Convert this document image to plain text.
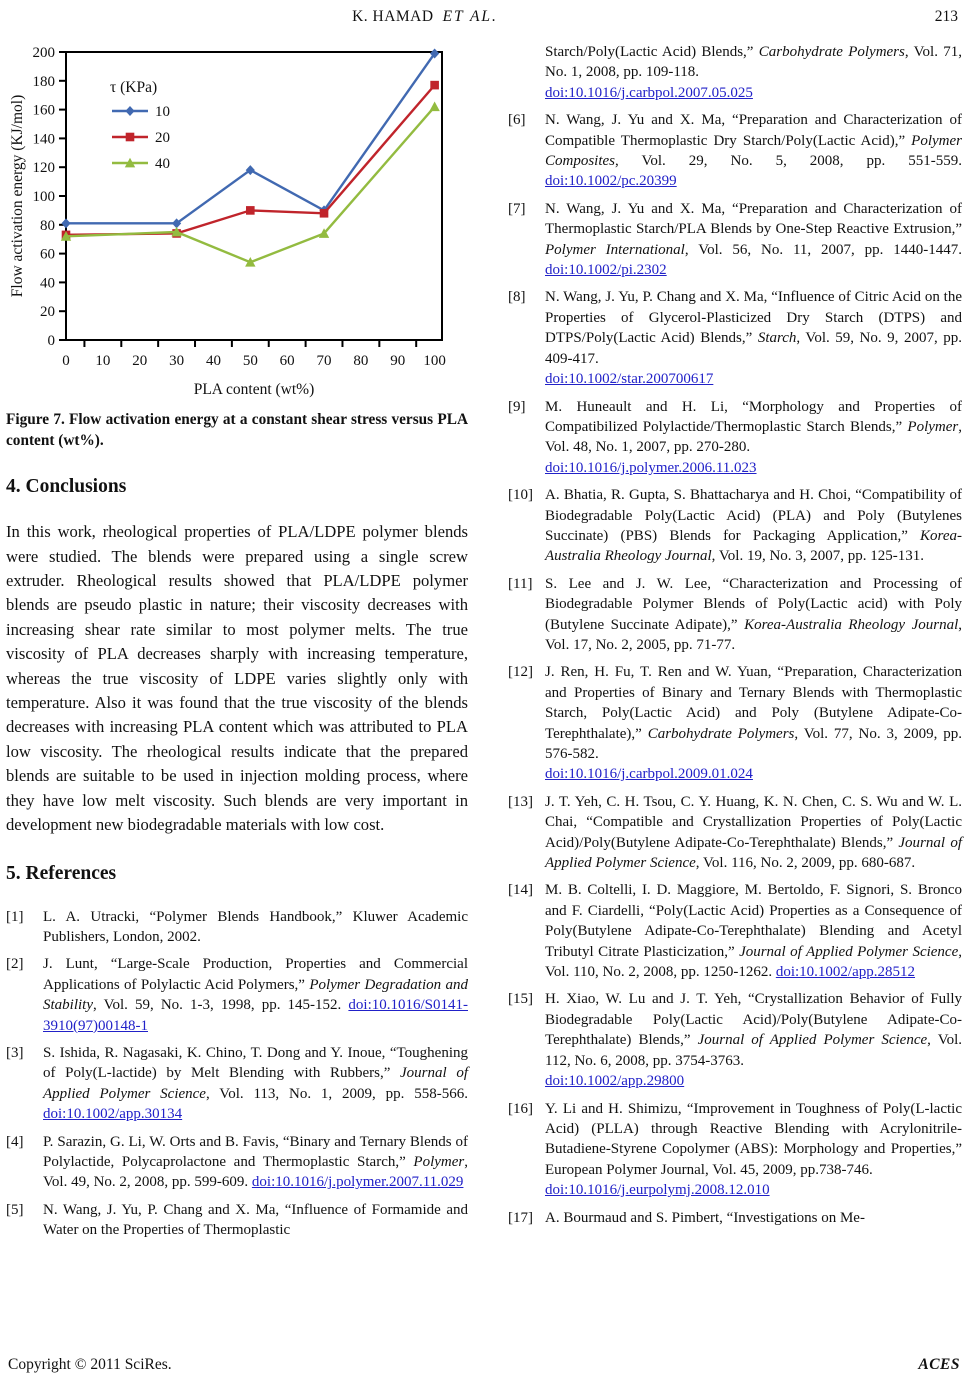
K. HAMAD ET AL.	213
0
20
40
60
80
100
120
140
160
180
200
0 10 20 30 40 50 60 70 80 90 100
PLA content (wt%)
Flow activation energy (KJ/mol)
τ (KPa)
10
20
40
Figure 7. Flow activation energy at a constant shear stress versus PLA content (wt%).
4. Conclusions

In this work, rheological properties of PLA/LDPE polymer blends were studied. The blends were prepared using a single screw extruder. Rheological results showed that PLA/LDPE polymer blends are pseudo plastic in nature; their viscosity decreases with increasing shear rate similar to most polymer melts. The true viscosity of PLA decreases sharply with increasing temperature, whereas the true viscosity of LDPE varies slightly only with temperature. Also it was found that the true viscosity of the blends decreases with increasing PLA content which was attributed to PLA low viscosity. The rheological results indicate that the prepared blends are suitable to be used in injection molding process, where they have low melt viscosity. Such blends are very important in development new biodegradable materials with low cost.

5. References
[1]	L. A. Utracki, “Polymer Blends Handbook,” Kluwer Academic Publishers, London, 2002.
[2]	J. Lunt, “Large-Scale Production, Properties and Commercial Applications of Polylactic Acid Polymers,” Polymer Degradation and Stability, Vol. 59, No. 1-3, 1998, pp. 145-152. doi:10.1016/S0141-3910(97)00148-1
[3]	S. Ishida, R. Nagasaki, K. Chino, T. Dong and Y. Inoue, “Toughening of Poly(L-lactide) by Melt Blending with Rubbers,” Journal of Applied Polymer Science, Vol. 113, No. 1, 2009, pp. 558-566. doi:10.1002/app.30134
[4]	P. Sarazin, G. Li, W. Orts and B. Favis, “Binary and Ternary Blends of Polylactide, Polycaprolactone and Thermoplastic Starch,” Polymer, Vol. 49, No. 2, 2008, pp. 599-609. doi:10.1016/j.polymer.2007.11.029
[5]	N. Wang, J. Yu, P. Chang and X. Ma, “Influence of Formamide and Water on the Properties of Thermoplastic
Starch/Poly(Lactic Acid) Blends,” Carbohydrate Polymers, Vol. 71, No. 1, 2008, pp. 109-118.
doi:10.1016/j.carbpol.2007.05.025
[6]	N. Wang, J. Yu and X. Ma, “Preparation and Characterization of Compatible Thermoplastic Dry Starch/Poly(Lactic Acid),” Polymer Composites, Vol. 29, No. 5, 2008, pp. 551-559. doi:10.1002/pc.20399
[7]	N. Wang, J. Yu and X. Ma, “Preparation and Characterization of Thermoplastic Starch/PLA Blends by One-Step Reactive Extrusion,” Polymer International, Vol. 56, No. 11, 2007, pp. 1440-1447. doi:10.1002/pi.2302
[8]	N. Wang, J. Yu, P. Chang and X. Ma, “Influence of Citric Acid on the Properties of Glycerol-Plasticized Dry Starch (DTPS) and DTPS/Poly(Lactic Acid) Blends,” Starch, Vol. 59, No. 9, 2007, pp. 409-417.
doi:10.1002/star.200700617
[9]	M. Huneault and H. Li, “Morphology and Properties of Compatibilized Polylactide/Thermoplastic Starch Blends,” Polymer, Vol. 48, No. 1, 2007, pp. 270-280.
doi:10.1016/j.polymer.2006.11.023
[10] A. Bhatia, R. Gupta, S. Bhattacharya and H. Choi, “Compatibility of Biodegradable Poly(Lactic Acid) (PLA) and Poly (Butylenes Succinate) (PBS) Blends for Packaging Application,” Korea-Australia Rheology Journal, Vol. 19, No. 3, 2007, pp. 125-131.
[11] S. Lee and J. W. Lee, “Characterization and Processing of Biodegradable Polymer Blends of Poly(Lactic acid) with Poly (Butylene Succinate Adipate),” Korea-Australia Rheology Journal, Vol. 17, No. 2, 2005, pp. 71-77.
[12] J. Ren, H. Fu, T. Ren and W. Yuan, “Preparation, Characterization and Properties of Binary and Ternary Blends with Thermoplastic Starch, Poly(Lactic Acid) and Poly (Butylene Adipate-Co-Terephthalate),” Carbohydrate Polymers, Vol. 77, No. 3, 2009, pp. 576-582.
doi:10.1016/j.carbpol.2009.01.024
[13] J. T. Yeh, C. H. Tsou, C. Y. Huang, K. N. Chen, C. S. Wu and W. L. Chai, “Compatible and Crystallization Properties of Poly(Lactic Acid)/Poly(Butylene Adipate-Co-Terephthalate) Blends,” Journal of Applied Polymer Science, Vol. 116, No. 2, 2009, pp. 680-687.
[14] M. B. Coltelli, I. D. Maggiore, M. Bertoldo, F. Signori, S. Bronco and F. Ciardelli, “Poly(Lactic Acid) Properties as a Consequence of Poly(Butylene Adipate-Co-Terephthalate) Blending and Acetyl Tributyl Citrate Plasticization,” Journal of Applied Polymer Science, Vol. 110, No. 2, 2008, pp. 1250-1262. doi:10.1002/app.28512
[15] H. Xiao, W. Lu and J. T. Yeh, “Crystallization Behavior of Fully Biodegradable Poly(Lactic Acid)/Poly(Butylene Adipate-Co-Terephthalate) Blends,” Journal of Applied Polymer Science, Vol. 112, No. 6, 2008, pp. 3754-3763.
doi:10.1002/app.29800
[16] Y. Li and H. Shimizu, “Improvement in Toughness of Poly(L-lactic Acid) (PLLA) through Reactive Blending with Acrylonitrile-Butadiene-Styrene Copolymer (ABS): Morphology and Properties,” European Polymer Journal, Vol. 45, 2009, pp.738-746.
doi:10.1016/j.eurpolymj.2008.12.010
[17] A. Bourmaud and S. Pimbert, “Investigations on Me-
Copyright © 2011 SciRes.	ACES
